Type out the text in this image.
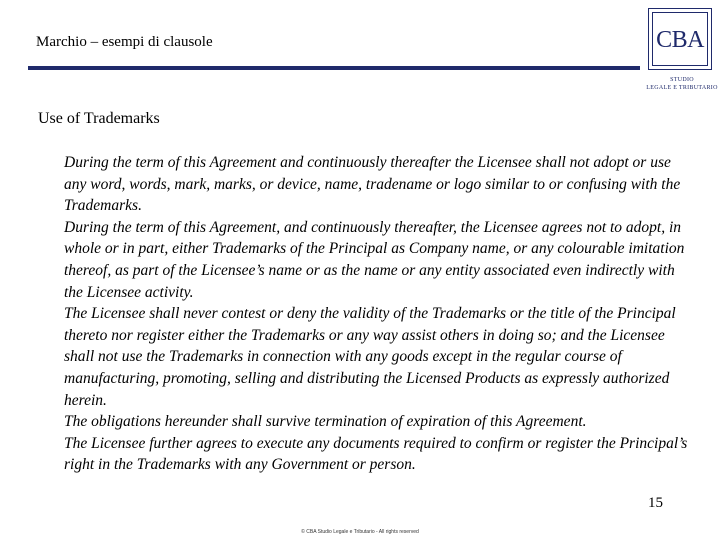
Marchio – esempi di clausole	CBA
STUDIO
LEGALE E TRIBUTARIO
Use of Trademarks

During the term of this Agreement and continuously thereafter the Licensee shall not adopt or use any word, words, mark, marks, or device, name, tradename or logo similar to or confusing with the Trademarks.

During the term of this Agreement, and continuously thereafter, the Licensee agrees not to adopt, in whole or in part, either Trademarks of the Principal as Company name, or any colourable imitation thereof, as part of the Licensee’s name or as the name or any entity associated even indirectly with the Licensee activity.

The Licensee shall never contest or deny the validity of the Trademarks or the title of the Principal thereto nor register either the Trademarks or any way assist others in doing so; and the Licensee shall not use the Trademarks in connection with any goods except in the regular course of manufacturing, promoting, selling and distributing the Licensed Products as expressly authorized herein.

The obligations hereunder shall survive termination of expiration of this Agreement.

The Licensee further agrees to execute any documents required to confirm or register the Principal’s right in the Trademarks with any Government or person.

15
© CBA Studio Legale e Tributario - All rights reserved
